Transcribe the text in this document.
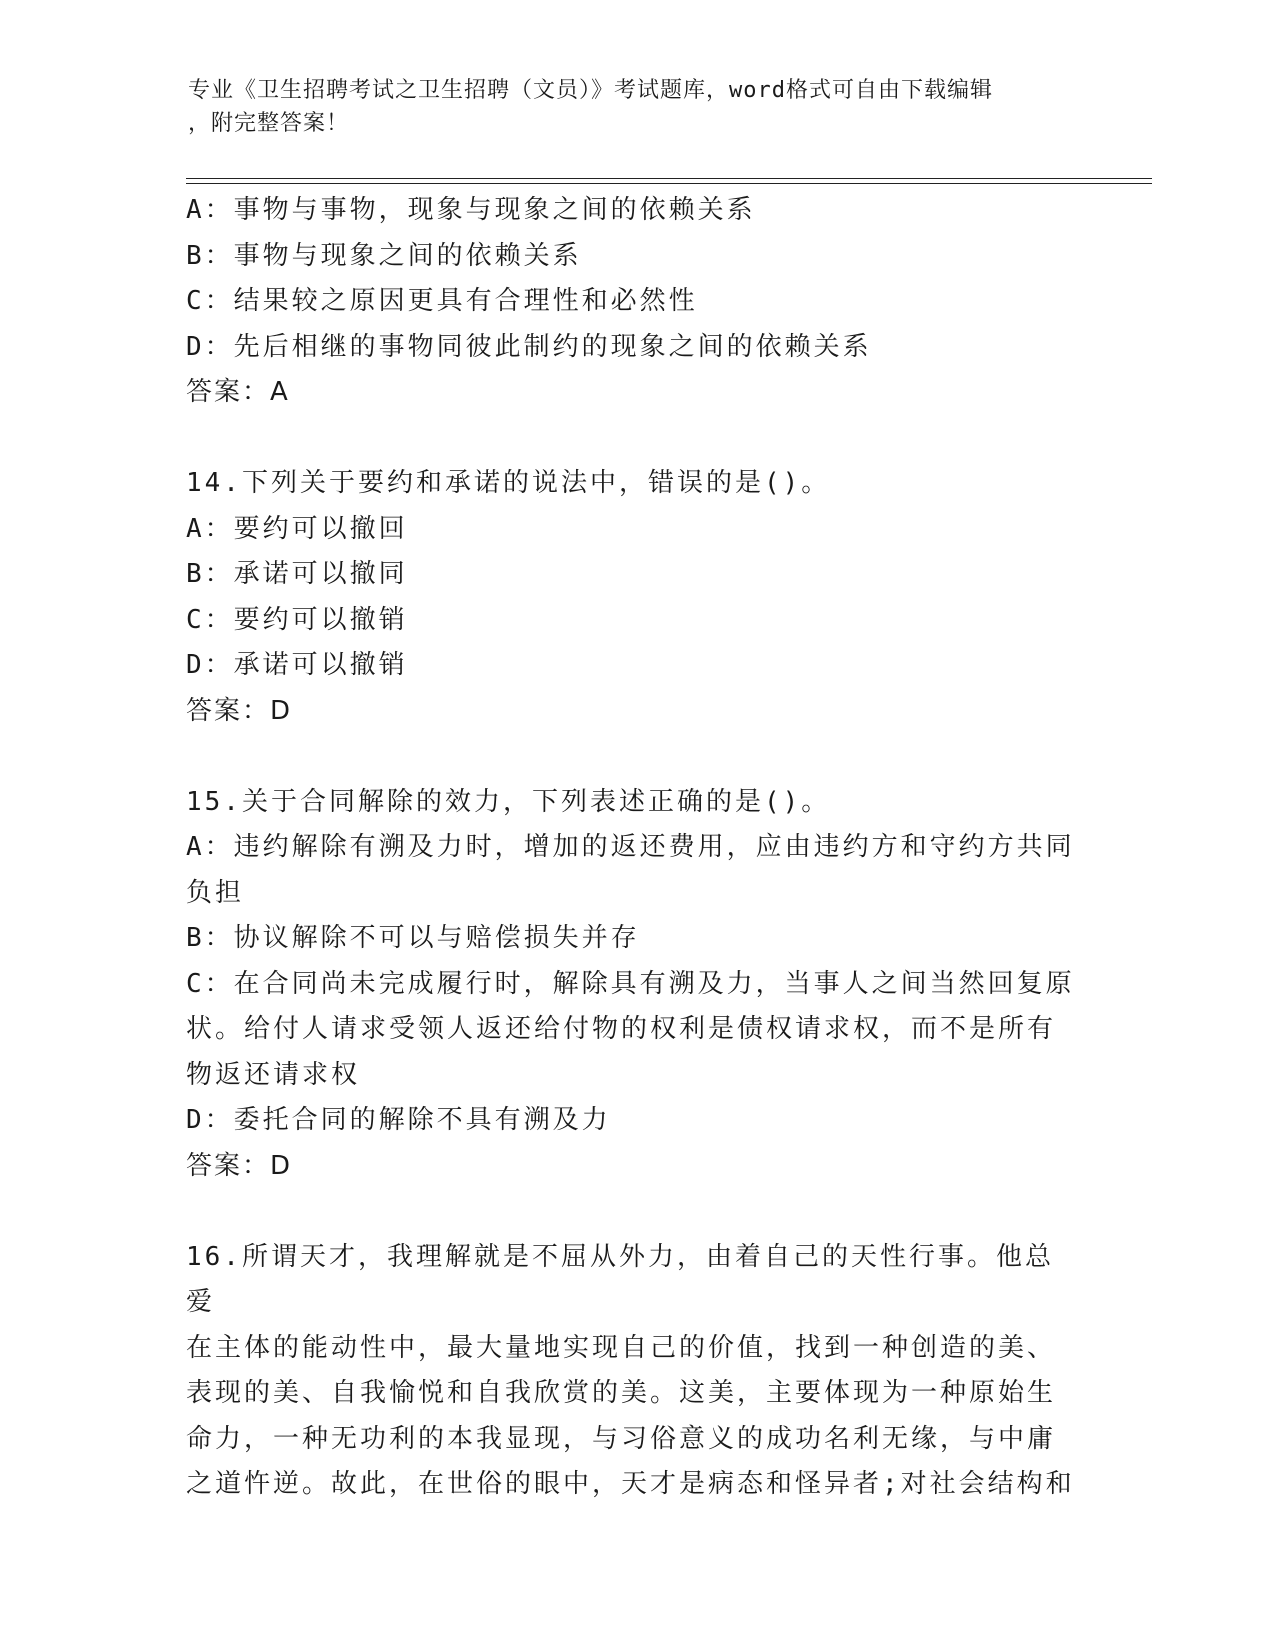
专业《卫生招聘考试之卫生招聘（文员）》考试题库，word格式可自由下载编辑
，附完整答案！
A：事物与事物，现象与现象之间的依赖关系
B：事物与现象之间的依赖关系
C：结果较之原因更具有合理性和必然性
D：先后相继的事物同彼此制约的现象之间的依赖关系
答案：A
14.下列关于要约和承诺的说法中，错误的是()。
A：要约可以撤回
B：承诺可以撤同
C：要约可以撤销
D：承诺可以撤销
答案：D
15.关于合同解除的效力，下列表述正确的是()。
A：违约解除有溯及力时，增加的返还费用，应由违约方和守约方共同
负担
B：协议解除不可以与赔偿损失并存
C：在合同尚未完成履行时，解除具有溯及力，当事人之间当然回复原
状。给付人请求受领人返还给付物的权利是债权请求权，而不是所有
物返还请求权
D：委托合同的解除不具有溯及力
答案：D
16.所谓天才，我理解就是不屈从外力，由着自己的天性行事。他总爱
在主体的能动性中，最大量地实现自己的价值，找到一种创造的美、
表现的美、自我愉悦和自我欣赏的美。这美，主要体现为一种原始生
命力，一种无功利的本我显现，与习俗意义的成功名利无缘，与中庸
之道忤逆。故此，在世俗的眼中，天才是病态和怪异者;对社会结构和
